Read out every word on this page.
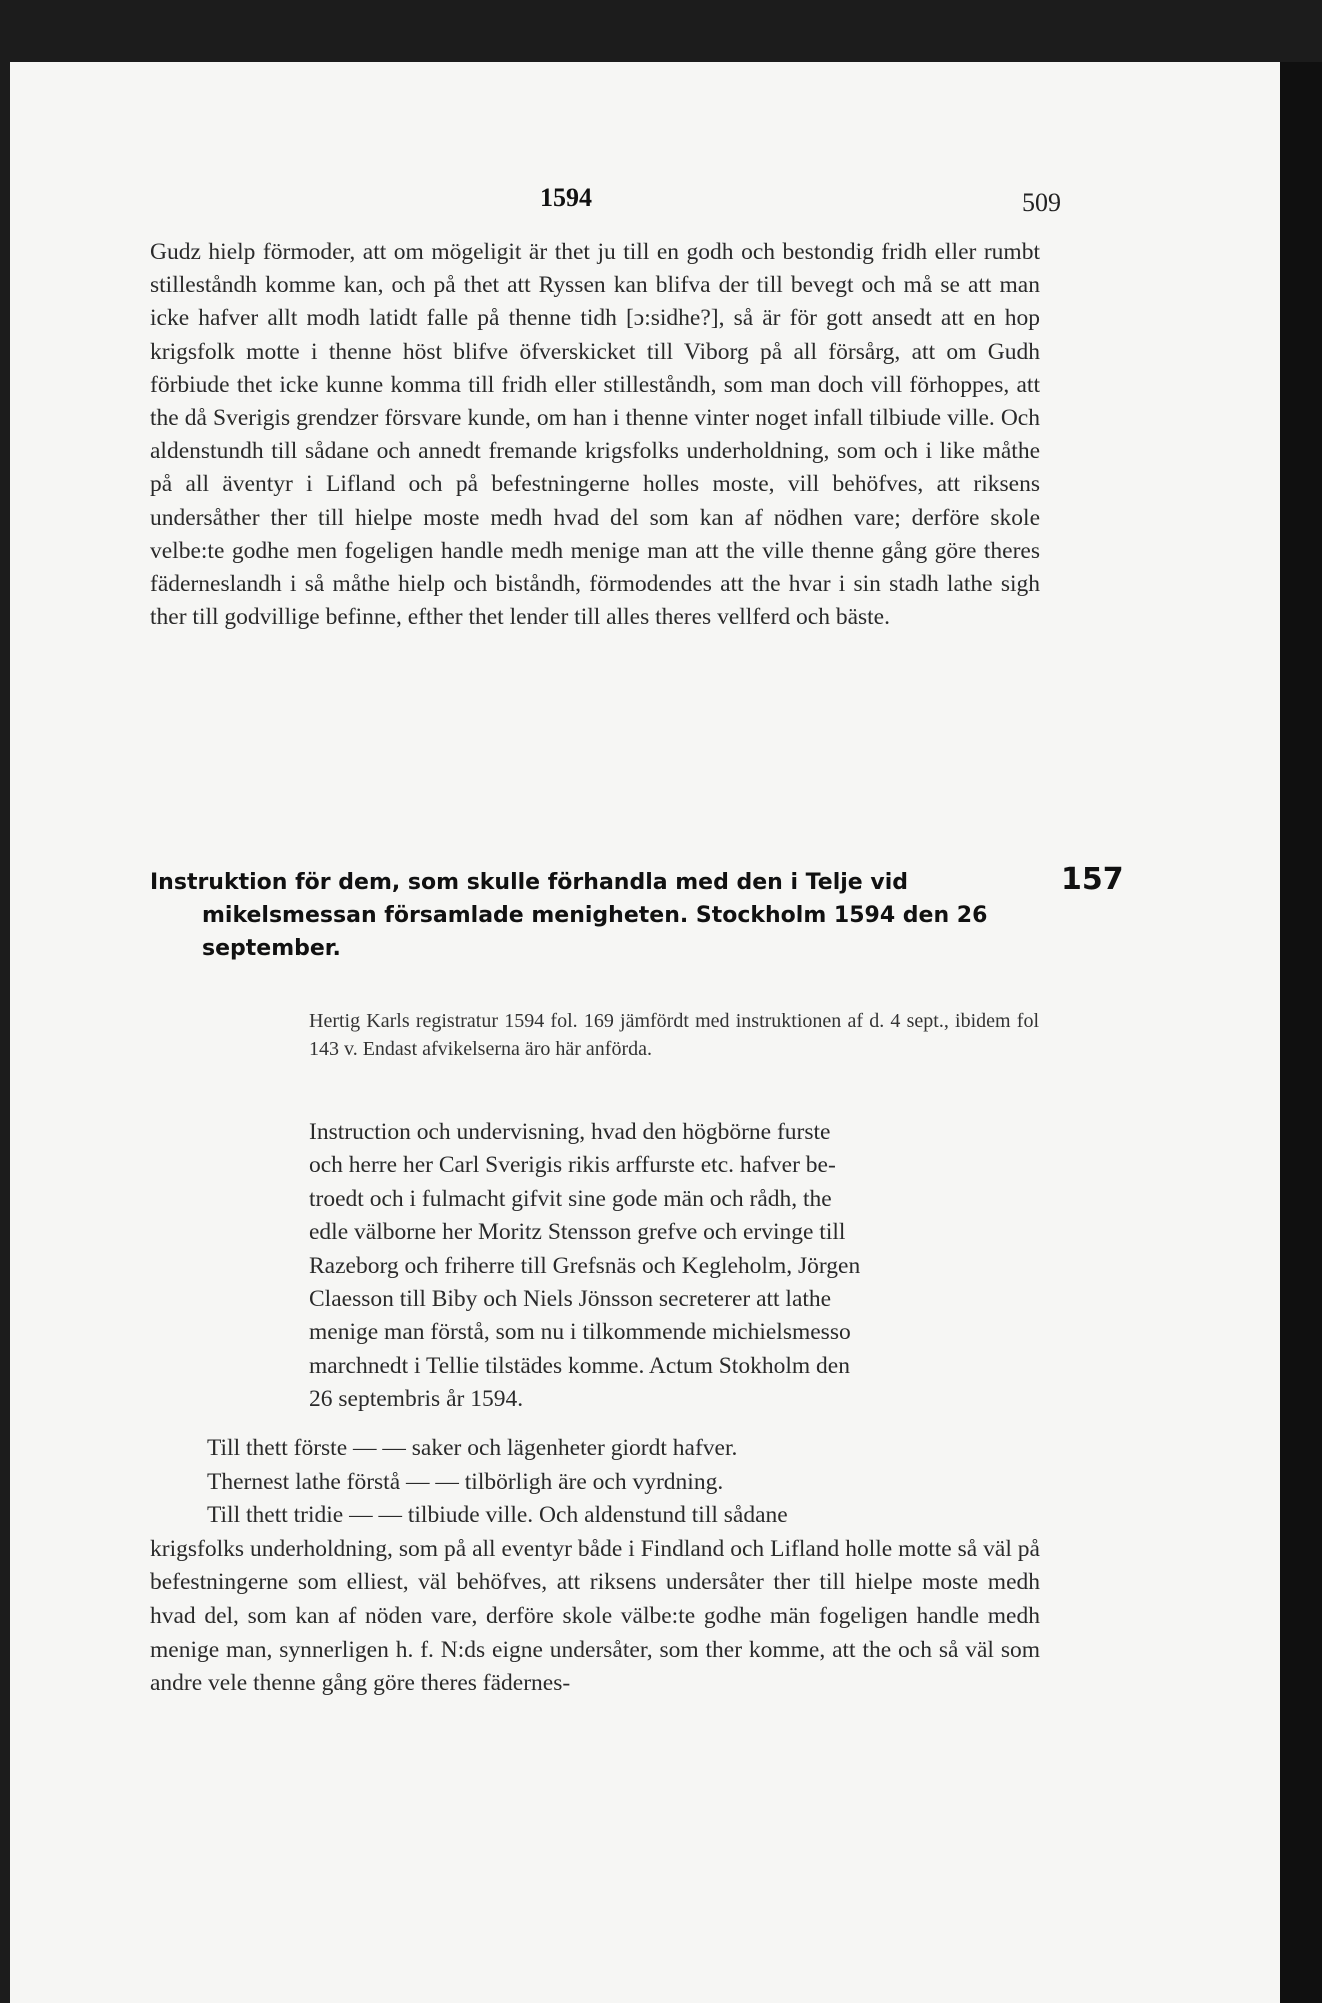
1594	509
Gudz hielp förmoder, att om mögeligit är thet ju till en godh och bestondig fridh eller rumbt stilleståndh komme kan, och på thet att Ryssen kan blifva der till bevegt och må se att man icke hafver allt modh latidt falle på thenne tidh [ɔ:sidhe?], så är för gott ansedt att en hop krigsfolk motte i thenne höst blifve öfverskicket till Viborg på all försårg, att om Gudh förbiude thet icke kunne komma till fridh eller stilleståndh, som man doch vill förhoppes, att the då Sverigis grendzer försvare kunde, om han i thenne vinter noget infall tilbiude ville. Och aldenstundh till sådane och annedt fremande krigsfolks underholdning, som och i like måthe på all äventyr i Lifland och på befestningerne holles moste, vill behöfves, att riksens undersåther ther till hielpe moste medh hvad del som kan af nödhen vare; derföre skole velbe:te godhe men fogeligen handle medh menige man att the ville thenne gång göre theres fäderneslandh i så måthe hielp och biståndh, förmodendes att the hvar i sin stadh lathe sigh ther till godvillige befinne, efther thet lender till alles theres vellferd och bäste.
Instruktion för dem, som skulle förhandla med den i Telje vid
mikelsmessan församlade menigheten. Stockholm 1594 den 26 september.
157
Hertig Karls registratur 1594 fol. 169 jämfördt med instruktionen af d. 4 sept., ibidem fol 143 v. Endast afvikelserna äro här anförda.
Instruction och undervisning, hvad den högbörne furste
och herre her Carl Sverigis rikis arffurste etc. hafver be-
troedt och i fulmacht gifvit sine gode män och rådh, the
edle välborne her Moritz Stensson grefve och ervinge till
Razeborg och friherre till Grefsnäs och Kegleholm, Jörgen
Claesson till Biby och Niels Jönsson secreterer att lathe
menige man förstå, som nu i tilkommende michielsmesso
marchnedt i Tellie tilstädes komme. Actum Stokholm den
26 septembris år 1594.
Till thett förste — — saker och lägenheter giordt hafver.
Thernest lathe förstå — — tilbörligh äre och vyrdning.
Till thett tridie — — tilbiude ville. Och aldenstund till sådane
krigsfolks underholdning, som på all eventyr både i Findland och Lifland holle motte så väl på befestningerne som elliest, väl behöfves, att riksens undersåter ther till hielpe moste medh hvad del, som kan af nöden vare, derföre skole välbe:te godhe män fogeligen handle medh menige man, synnerligen h. f. N:ds eigne undersåter, som ther komme, att the och så väl som andre vele thenne gång göre theres fädernes-
